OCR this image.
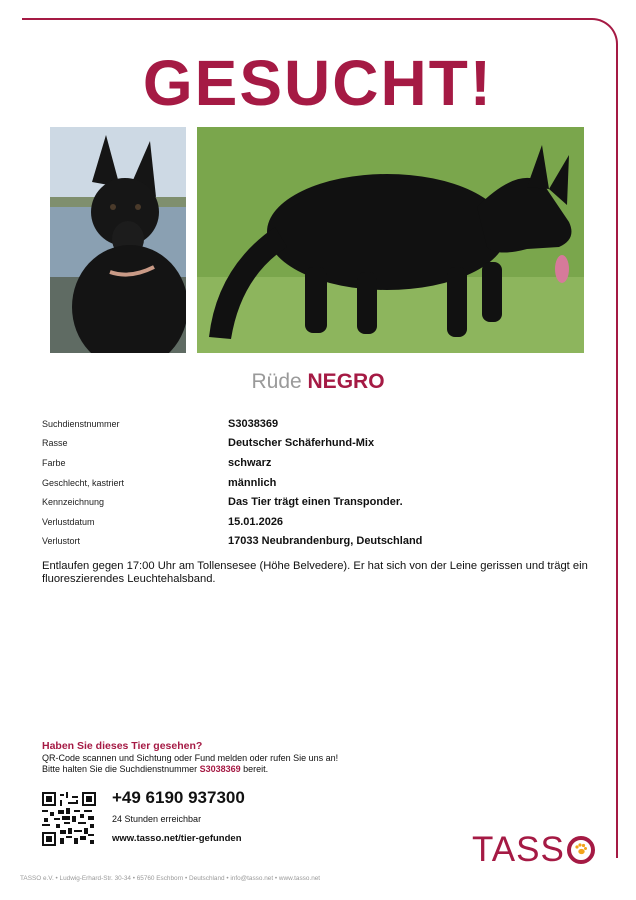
GESUCHT!
Rüde NEGRO
Suchdienstnummer	S3038369
Rasse	Deutscher Schäferhund-Mix
Farbe	schwarz
Geschlecht, kastriert	männlich
Kennzeichnung	Das Tier trägt einen Transponder.
Verlustdatum	15.01.2026
Verlustort	17033 Neubrandenburg, Deutschland
Entlaufen gegen 17:00 Uhr am Tollensesee (Höhe Belvedere). Er hat sich von der Leine gerissen und trägt ein fluoreszierendes Leuchtehalsband.
Haben Sie dieses Tier gesehen?
QR-Code scannen und Sichtung oder Fund melden oder rufen Sie uns an!
Bitte halten Sie die Suchdienstnummer S3038369 bereit.
+49 6190 937300
24 Stunden erreichbar
www.tasso.net/tier-gefunden	TASS
TASSO e.V. • Ludwig-Erhard-Str. 30-34 • 65760 Eschborn • Deutschland • info@tasso.net • www.tasso.net
